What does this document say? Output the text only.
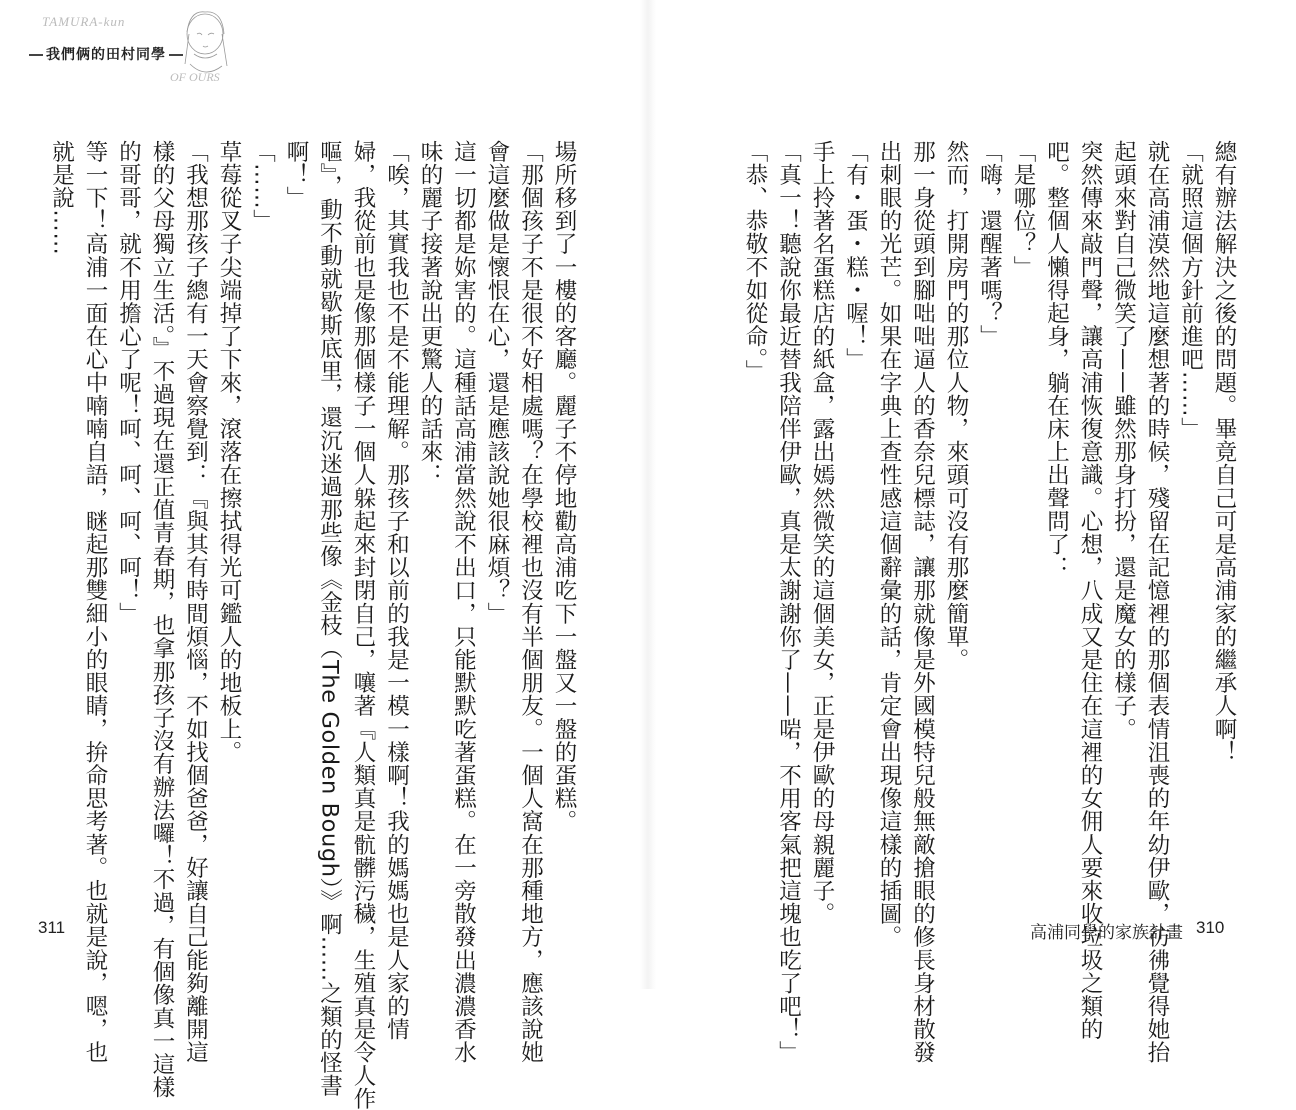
TAMURA-kun
我們俩的田村同學
OF OURS

總有辦法解決之後的問題。畢竟自己可是高浦家的繼承人啊！

「就照這個方針前進吧……」

就在高浦漠然地這麼想著的時候，殘留在記憶裡的那個表情沮喪的年幼伊歐，彷彿覺得她抬

起頭來對自己微笑了——雖然那身打扮，還是魔女的樣子。

突然傳來敲門聲，讓高浦恢復意識。心想，八成又是住在這裡的女佣人要來收垃圾之類的

吧。整個人懶得起身，躺在床上出聲問了：

「是哪位？」

「嗨，還醒著嗎？」

然而，打開房門的那位人物，來頭可沒有那麼簡單。

那一身從頭到腳咄咄逼人的香奈兒標誌，讓那就像是外國模特兒般無敵搶眼的修長身材散發

出刺眼的光芒。如果在字典上查性感這個辭彙的話，肯定會出現像這樣的插圖。

「有・蛋・糕・喔！」

手上拎著名蛋糕店的紙盒，露出嫣然微笑的這個美女，正是伊歐的母親麗子。

「真一！聽說你最近替我陪伴伊歐，真是太謝謝你了——啱，不用客氣把這塊也吃了吧！」

「恭、恭敬不如從命。」

場所移到了一樓的客廳。麗子不停地勸高浦吃下一盤又一盤的蛋糕。

「那個孩子不是很不好相處嗎？在學校裡也沒有半個朋友。一個人窩在那種地方，應該說她

會這麼做是懷恨在心，還是應該說她很麻煩？」

這一切都是妳害的。這種話高浦當然說不出口，只能默默吃著蛋糕。在一旁散發出濃濃香水

味的麗子接著說出更驚人的話來：

「唉，其實我也不是不能理解。那孩子和以前的我是一模一樣啊！我的媽媽也是人家的情

婦，我從前也是像那個樣子一個人躲起來封閉自己，嚷著『人類真是骯髒污穢，生殖真是令人作

嘔』，動不動就歇斯底里，還沉迷過那些像《金枝（The Golden Bough）》啊……之類的怪書

啊！」

「……」

草莓從叉子尖端掉了下來，滾落在擦拭得光可鑑人的地板上。

「我想那孩子總有一天會察覺到：『與其有時間煩惱，不如找個爸爸，好讓自己能夠離開這

樣的父母獨立生活。』不過現在還正值青春期，也拿那孩子沒有辦法囉！不過，有個像真一這樣

的哥哥，就不用擔心了呢！呵、呵、呵、呵！」

等一下！高浦一面在心中喃喃自語，瞇起那雙細小的眼睛，拚命思考著。也就是說，嗯，也

就是說……

311	高浦同學的家族計畫 310
